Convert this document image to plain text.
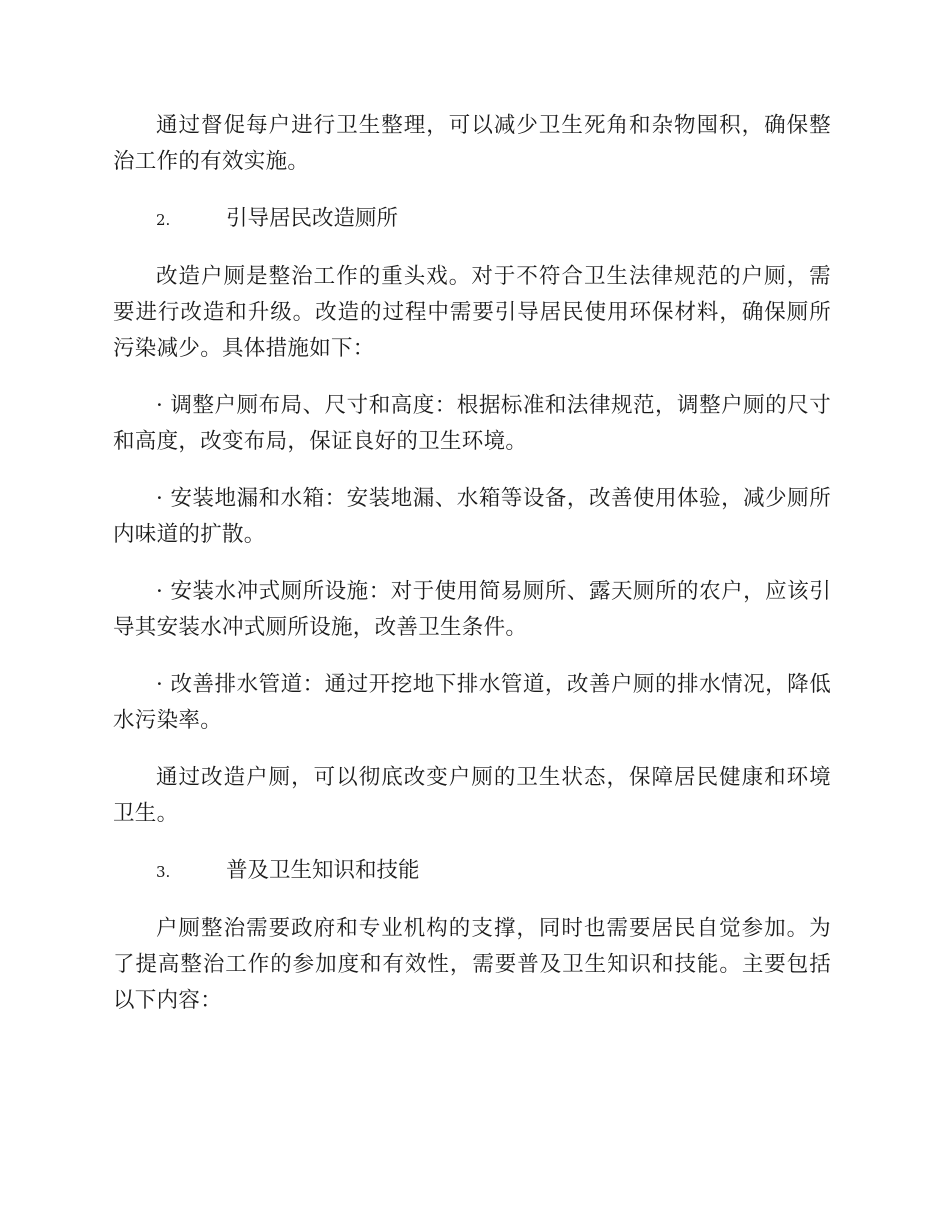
通过督促每户进行卫生整理，可以减少卫生死角和杂物囤积，确保整治工作的有效实施。

2.	引导居民改造厕所

改造户厕是整治工作的重头戏。对于不符合卫生法律规范的户厕，需要进行改造和升级。改造的过程中需要引导居民使用环保材料，确保厕所污染减少。具体措施如下：

· 调整户厕布局、尺寸和高度：根据标准和法律规范，调整户厕的尺寸和高度，改变布局，保证良好的卫生环境。

· 安装地漏和水箱：安装地漏、水箱等设备，改善使用体验，减少厕所内味道的扩散。

· 安装水冲式厕所设施：对于使用简易厕所、露天厕所的农户，应该引导其安装水冲式厕所设施，改善卫生条件。

· 改善排水管道：通过开挖地下排水管道，改善户厕的排水情况，降低水污染率。

通过改造户厕，可以彻底改变户厕的卫生状态，保障居民健康和环境卫生。

3.	普及卫生知识和技能

户厕整治需要政府和专业机构的支撑，同时也需要居民自觉参加。为了提高整治工作的参加度和有效性，需要普及卫生知识和技能。主要包括以下内容：
